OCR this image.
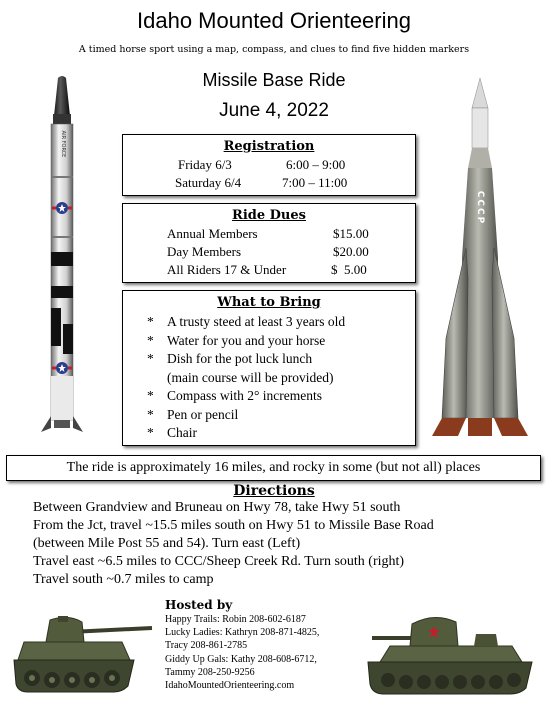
Idaho Mounted Orienteering
A timed horse sport using a map, compass, and clues to find five hidden markers
Missile Base Ride
June 4, 2022
AIR FORCE
CCCP
Registration
Friday 6/3	6:00 – 9:00
Saturday 6/4	7:00 – 11:00
Ride Dues
Annual Members	$15.00
Day Members	$20.00
All Riders 17 & Under	$  5.00
What to Bring
* A trusty steed at least 3 years old
* Water for you and your horse
* Dish for the pot luck lunch
(main course will be provided)
* Compass with 2° increments
* Pen or pencil
* Chair
The ride is approximately 16 miles, and rocky in some (but not all) places
Directions
Between Grandview and Bruneau on Hwy 78, take Hwy 51 south
From the Jct, travel ~15.5 miles south on Hwy 51 to Missile Base Road
(between Mile Post 55 and 54). Turn east (Left)
Travel east ~6.5 miles to CCC/Sheep Creek Rd. Turn south (right)
Travel south ~0.7 miles to camp
Hosted by
Happy Trails: Robin 208-602-6187
Lucky Ladies: Kathryn 208-871-4825,
Tracy 208-861-2785
Giddy Up Gals: Kathy 208-608-6712,
Tammy 208-250-9256
IdahoMountedOrienteering.com
